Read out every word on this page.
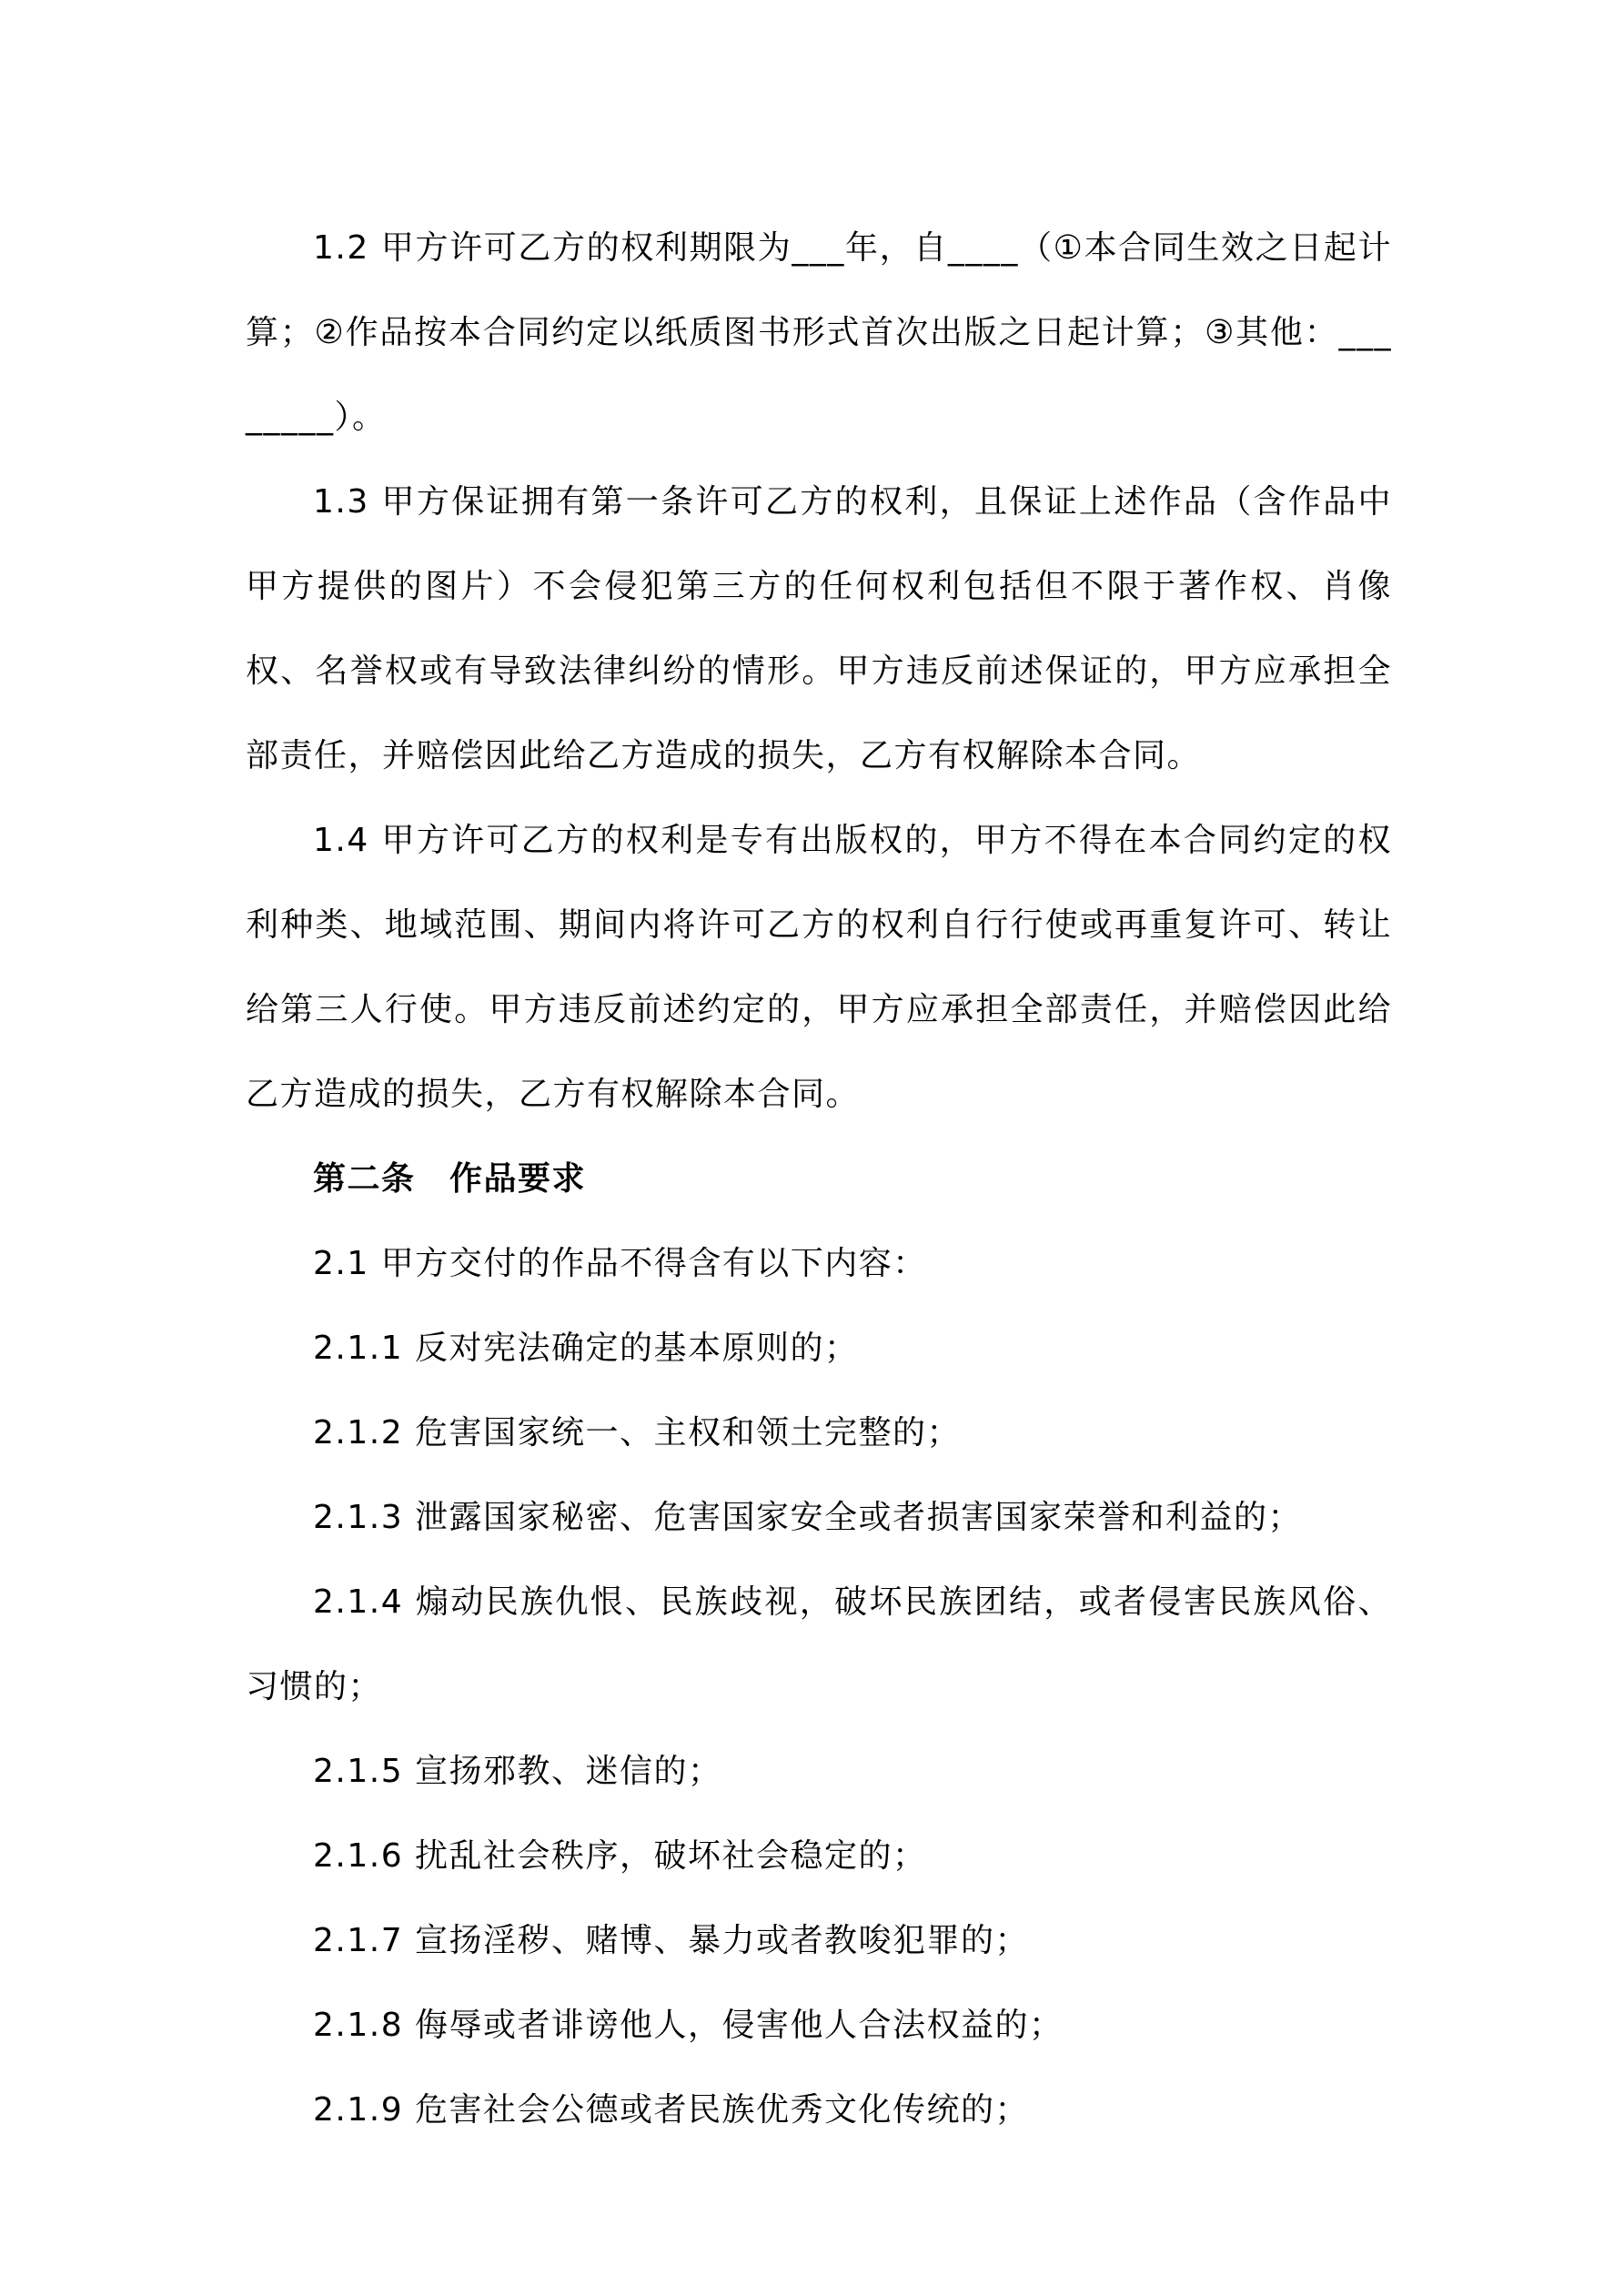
1.2 甲方许可乙方的权利期限为___年，自____（①本合同生效之日起计算；②作品按本合同约定以纸质图书形式首次出版之日起计算；③其他：________）。

1.3 甲方保证拥有第一条许可乙方的权利，且保证上述作品（含作品中甲方提供的图片）不会侵犯第三方的任何权利包括但不限于著作权、肖像权、名誉权或有导致法律纠纷的情形。甲方违反前述保证的，甲方应承担全部责任，并赔偿因此给乙方造成的损失，乙方有权解除本合同。

1.4 甲方许可乙方的权利是专有出版权的，甲方不得在本合同约定的权利种类、地域范围、期间内将许可乙方的权利自行行使或再重复许可、转让给第三人行使。甲方违反前述约定的，甲方应承担全部责任，并赔偿因此给乙方造成的损失，乙方有权解除本合同。

第二条　作品要求

2.1 甲方交付的作品不得含有以下内容：

2.1.1 反对宪法确定的基本原则的；

2.1.2 危害国家统一、主权和领土完整的；

2.1.3 泄露国家秘密、危害国家安全或者损害国家荣誉和利益的；

2.1.4 煽动民族仇恨、民族歧视，破坏民族团结，或者侵害民族风俗、习惯的；

2.1.5 宣扬邪教、迷信的；

2.1.6 扰乱社会秩序，破坏社会稳定的；

2.1.7 宣扬淫秽、赌博、暴力或者教唆犯罪的；

2.1.8 侮辱或者诽谤他人，侵害他人合法权益的；

2.1.9 危害社会公德或者民族优秀文化传统的；
